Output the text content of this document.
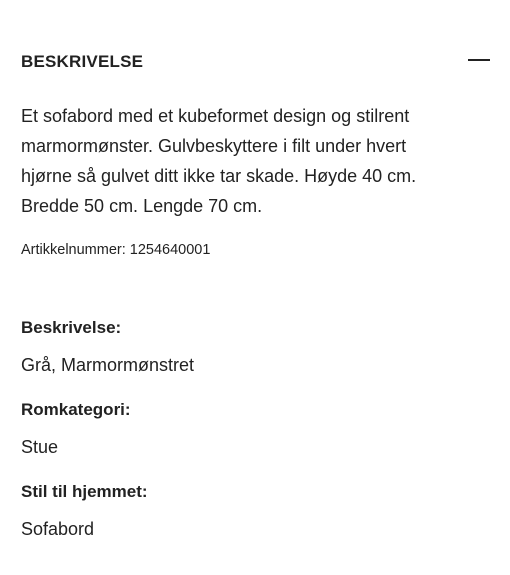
BESKRIVELSE

Et sofabord med et kubeformet design og stilrent marmormønster. Gulvbeskyttere i filt under hvert hjørne så gulvet ditt ikke tar skade. Høyde 40 cm. Bredde 50 cm. Lengde 70 cm.

Artikkelnummer: 1254640001
Beskrivelse:
Grå, Marmormønstret
Romkategori:
Stue
Stil til hjemmet:
Sofabord
